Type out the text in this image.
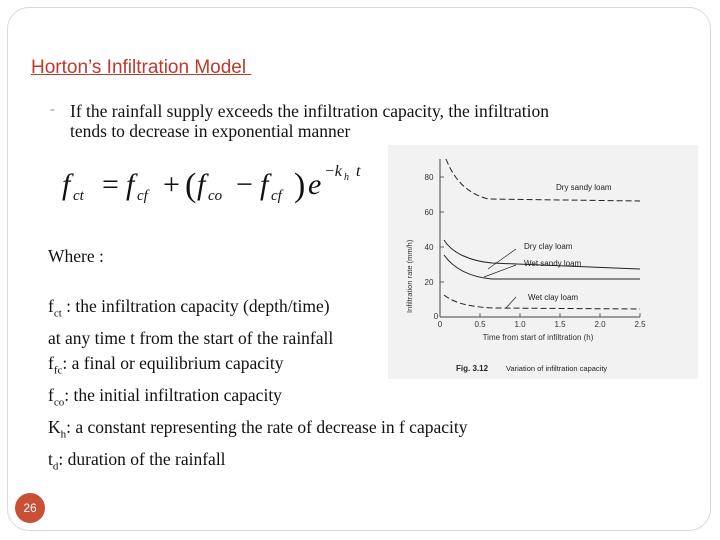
Horton’s Infiltration Model
- If the rainfall supply exceeds the infiltration capacity, the infiltration
tends to decrease in exponential manner
f ct = f cf + ( f co − f cf ) e −k h t
Where :
$f_{ct}$ : the infiltration capacity (depth/time)
at any time t from the start of the rainfall
$f_{fc}$: a final or equilibrium capacity
$f_{co}$: the initial infiltration capacity
$K_h$: a constant representing the rate of decrease in f capacity
$t_d$: duration of the rainfall
Infiltration rate (mm/h)
80
60
40
20
0
0	0.5	1.0	1.5	2.0	2.5
Time from start of infiltration (h)
Dry sandy loam
Dry clay loam
Wet sandy loam
Wet clay loam
Fig. 3.12 Variation of infiltration capacity
26
